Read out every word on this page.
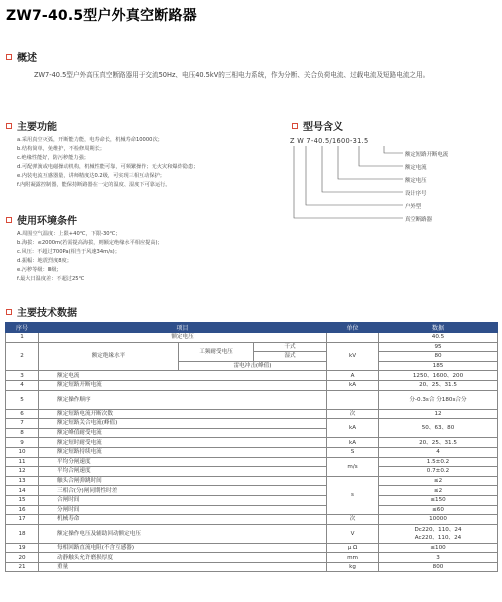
ZW7-40.5型户外真空断路器
概述
ZW7-40.5型户外高压真空断路器用于交流50Hz、电压40.5kV的三相电力系统，作为分断、关合负荷电流、过载电流及短路电流之用。
主要功能
a.采用真空灭弧，开断能力能，电寿命长，机械寿命10000次；
b.结构简单，免维护，不检修周期长；
c.绝缘性能好，防污秽能力强；
d.可配弹簧或电磁操动机构，机械性能可靠，可频繁操作；无火灾和爆炸隐患；
e.内装电流互感器量，讲师精度达0.2级，可实现三相互动保护；
f.内附凝露控制器，能保持断路器在一定的温度、湿度下可靠运行。
使用环境条件
A.周围空气温度：上限+40℃，下限-30℃；
b.海拔：≤2000m(若需提高海拔，则额定绝缘水平相应提高)；
c.风压：不超过700Pa(相当于风速34m/s)；
d.振幅：地震烈度8度；
e.污秽等级：Ⅲ级；
f.最大日温度差：不超过25℃
型号含义
Z W 7-40.5/1600-31.5
额定短路开断电流
额定电流
额定电压
设计序号
户外型
真空断路器
主要技术数据
序号	项目			单位	数据
1	额定电压				40.5
2	额定绝缘水平	工频耐受电压	干式	kV	95
			湿式		80
		雷电冲击(峰值)			185
3	额定电流			A	1250、1600、200
4	额定短路开断电流			kA	20、25、31.5
5	额定操作顺序				分-0.3s合 分180s合分
6	额定短路电流开断次数			次	12
7	额定短路关合电流(峰值)			kA	50、63、80
8	额定峰值耐受电流				
9	额定短时耐受电流			kA	20、25、31.5
10	额定短路持续电流			S	4
11	平均分闸速度			m/s	1.5±0.2
12	平均合闸速度				0.7±0.2
13	触头合闸弹跳时间			s	≤2
14	三相合(分)闸同期性时差				≤2
15	合闸时间				≤150
16	分闸时间				≤60
17	机械寿命			次	10000
18	额定操作电压及辅助回动额定电压			V	Dc220、110、24
Ac220、110、24

19	每相回路直流电阻(不含互感器)			μ Ω	≤100
20	动静触头允许磨损厚度			mm	3
21	重量			kg	800
